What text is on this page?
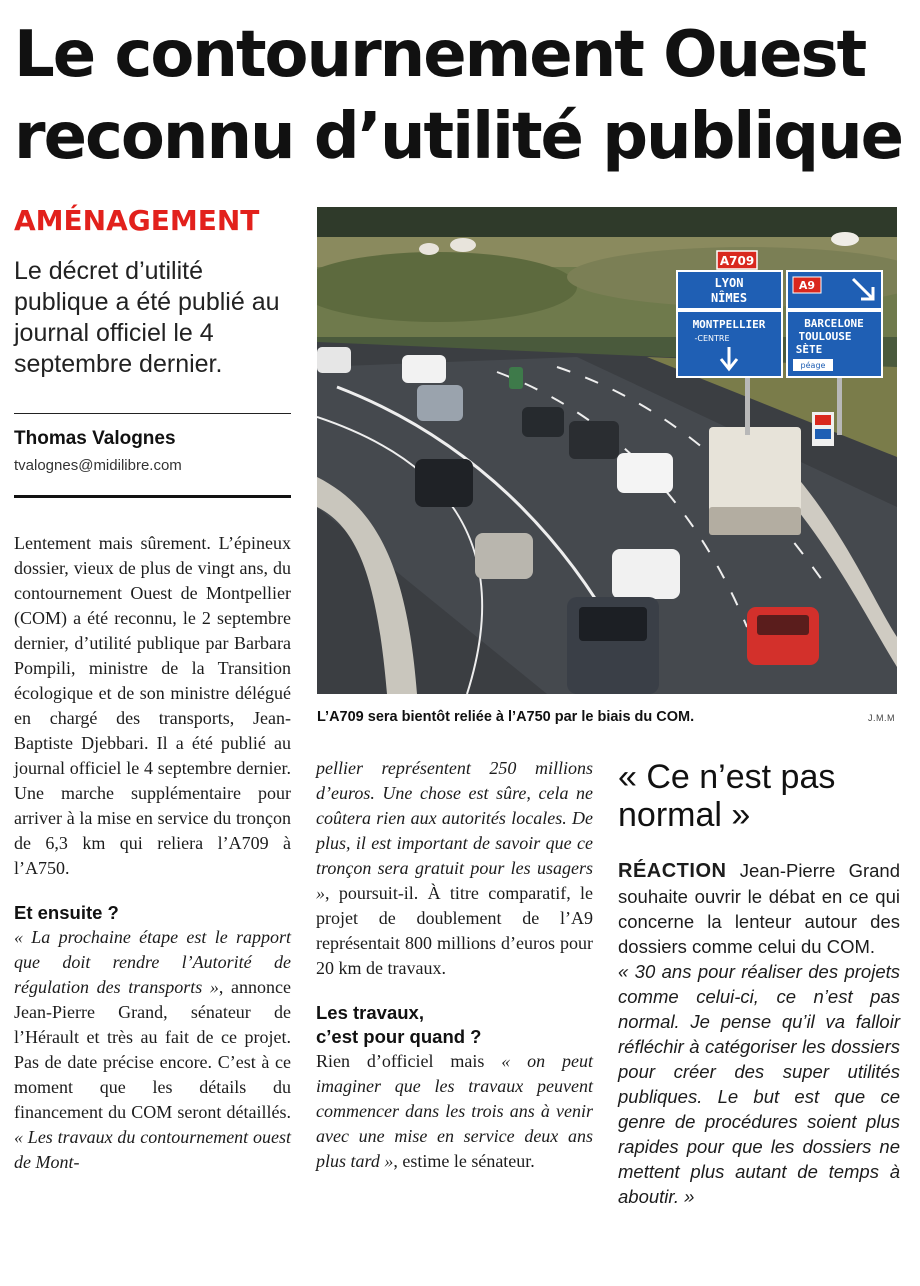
Le contournement Ouest
reconnu d’utilité publique
AMÉNAGEMENT
Le décret d’utilité publique a été publié au journal officiel le 4 septembre dernier.
Thomas Valognes
tvalognes@midilibre.com
A709
LYON
NÎMES
A9
MONTPELLIER
-CENTRE
BARCELONE
TOULOUSE
SÈTE
péage
L’A709 sera bientôt reliée à l’A750 par le biais du COM.	J.M.M

Lentement mais sûrement. L’épineux dossier, vieux de plus de vingt ans, du contournement Ouest de Montpellier (COM) a été reconnu, le 2 septembre dernier, d’utilité publique par Barbara Pompili, ministre de la Transition écologique et de son ministre délégué en chargé des transports, Jean-Baptiste Djebbari. Il a été publié au journal officiel le 4 septembre dernier. Une marche supplémentaire pour arriver à la mise en service du tronçon de 6,3 km qui reliera l’A709 à l’A750.

Et ensuite ?

« La prochaine étape est le rapport que doit rendre l’Autorité de régulation des transports », annonce Jean-Pierre Grand, sénateur de l’Hérault et très au fait de ce projet. Pas de date précise encore. C’est à ce moment que les détails du financement du COM seront détaillés. « Les travaux du contournement ouest de Mont-

pellier représentent 250 millions d’euros. Une chose est sûre, cela ne coûtera rien aux autorités locales. De plus, il est important de savoir que ce tronçon sera gratuit pour les usagers », poursuit-il. À titre comparatif, le projet de doublement de l’A9 représentait 800 millions d’euros pour 20 km de travaux.

Les travaux,
c’est pour quand ?

Rien d’officiel mais « on peut imaginer que les travaux peuvent commencer dans les trois ans à venir avec une mise en service deux ans plus tard », estime le sénateur.

« Ce n’est pas normal »

RÉACTION Jean-Pierre Grand souhaite ouvrir le débat en ce qui concerne la lenteur autour des dossiers comme celui du COM.
« 30 ans pour réaliser des projets comme celui-ci, ce n’est pas normal. Je pense qu’il va falloir réfléchir à catégoriser les dossiers pour créer des super utilités publiques. Le but est que ce genre de procédures soient plus rapides pour que les dossiers ne mettent plus autant de temps à aboutir. »
